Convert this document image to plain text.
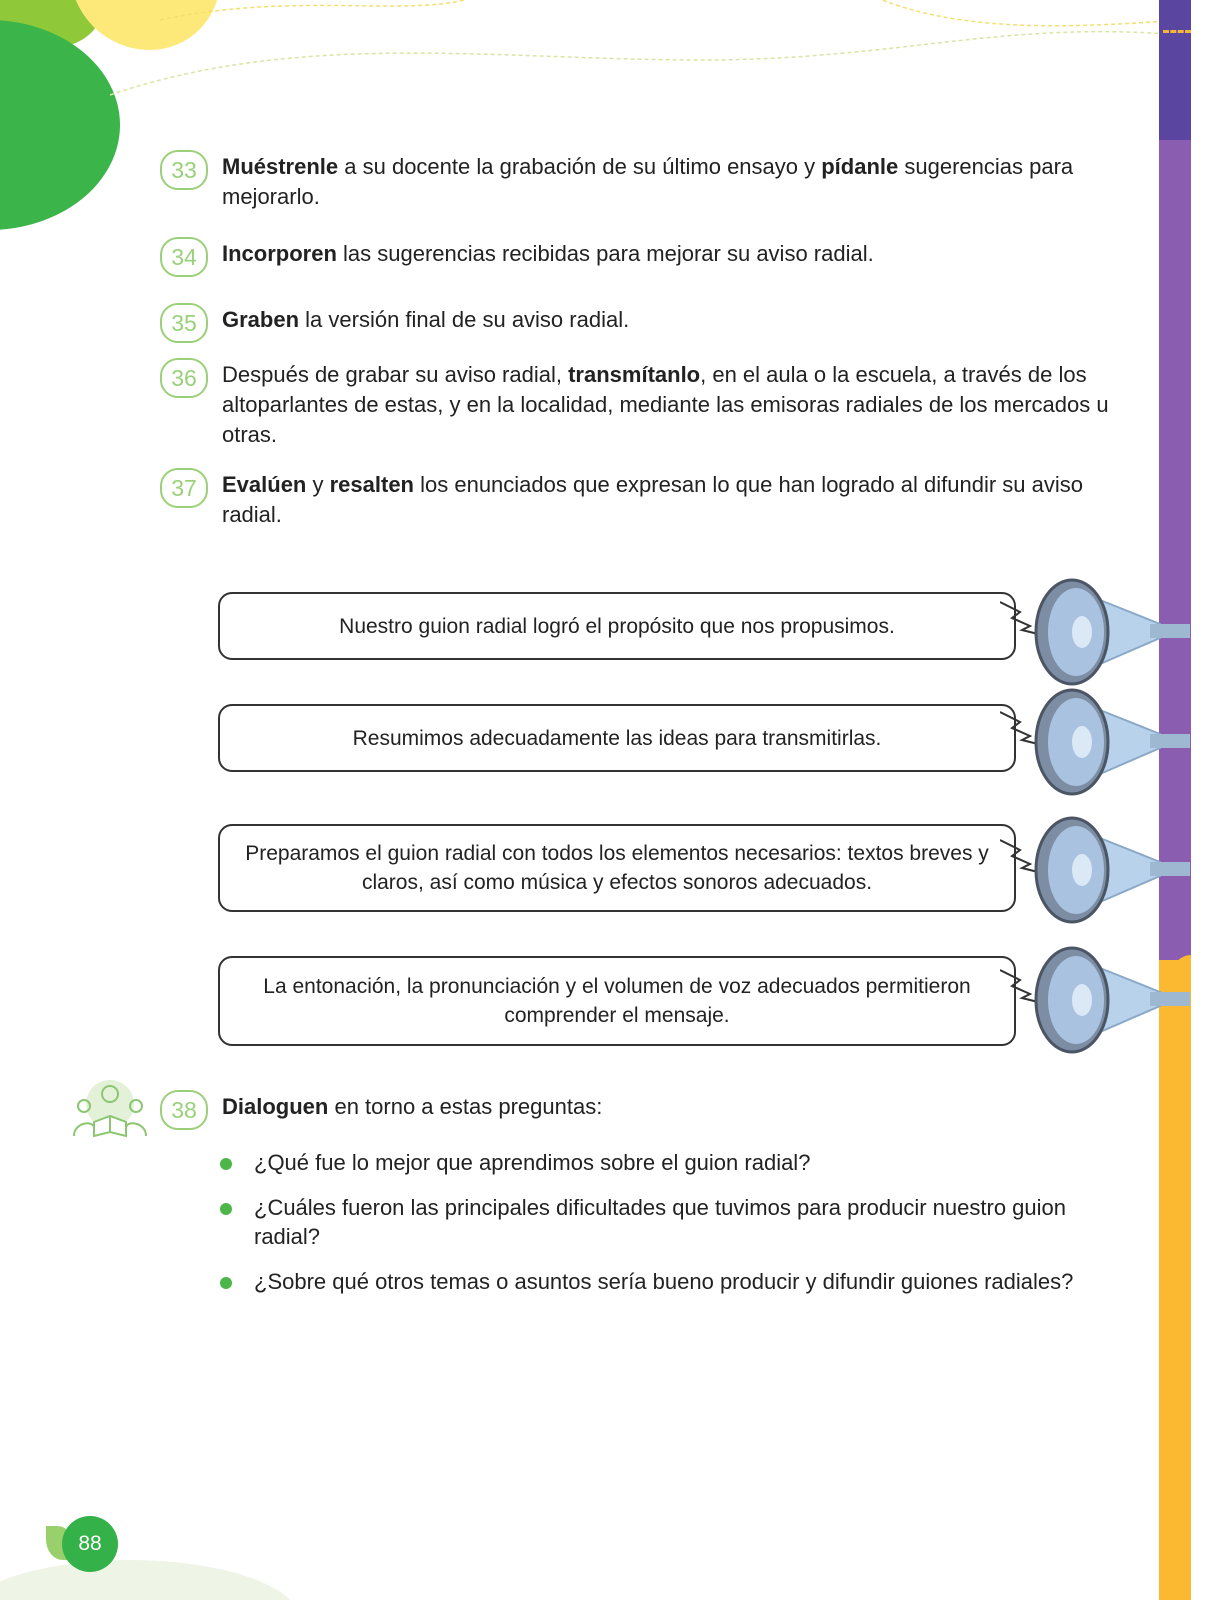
33	Muéstrenle a su docente la grabación de su último ensayo y pídanle sugerencias para mejorarlo.
34	Incorporen las sugerencias recibidas para mejorar su aviso radial.
35	Graben la versión final de su aviso radial.
36	Después de grabar su aviso radial, transmítanlo, en el aula o la escuela, a través de los altoparlantes de estas, y en la localidad, mediante las emisoras radiales de los mercados u otras.
37	Evalúen y resalten los enunciados que expresan lo que han logrado al difundir su aviso radial.
Nuestro guion radial logró el propósito que nos propusimos.
Resumimos adecuadamente las ideas para transmitirlas.
Preparamos el guion radial con todos los elementos necesarios: textos breves y claros, así como música y efectos sonoros adecuados.
La entonación, la pronunciación y el volumen de voz adecuados permitieron comprender el mensaje.
38	Dialoguen en torno a estas preguntas:
¿Qué fue lo mejor que aprendimos sobre el guion radial?
¿Cuáles fueron las principales dificultades que tuvimos para producir nuestro guion radial?
¿Sobre qué otros temas o asuntos sería bueno producir y difundir guiones radiales?
88
